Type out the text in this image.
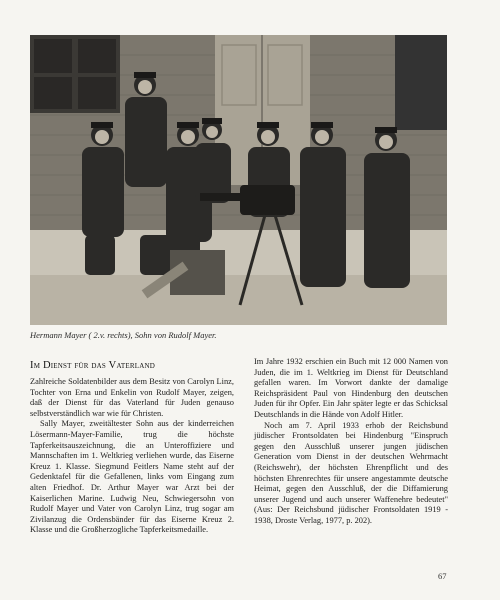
Hermann Mayer ( 2.v. rechts), Sohn von Rudolf Mayer.
Im Dienst für das Vaterland

Zahlreiche Soldatenbilder aus dem Besitz von Carolyn Linz, Tochter von Erna und Enkelin von Rudolf Mayer, zeigen, daß der Dienst für das Vaterland für Juden genauso selbstverständlich war wie für Christen.

Sally Mayer, zweitältester Sohn aus der kinderreichen Lösermann-Mayer-Familie, trug die höchste Tapferkeitsauszeichnung, die an Unteroffiziere und Mannschaften im 1. Weltkrieg verliehen wurde, das Eiserne Kreuz 1. Klasse. Siegmund Feitlers Name steht auf der Gedenktafel für die Gefallenen, links vom Eingang zum alten Friedhof. Dr. Arthur Mayer war Arzt bei der Kaiserlichen Marine. Ludwig Neu, Schwiegersohn von Rudolf Mayer und Vater von Carolyn Linz, trug sogar am Zivilanzug die Ordensbänder für das Eiserne Kreuz 2. Klasse und die Großherzogliche Tapferkeitsmedaille.

Im Jahre 1932 erschien ein Buch mit 12 000 Namen von Juden, die im 1. Weltkrieg im Dienst für Deutschland gefallen waren. Im Vorwort dankte der damalige Reichspräsident Paul von Hindenburg den deutschen Juden für ihr Opfer. Ein Jahr später legte er das Schicksal Deutschlands in die Hände von Adolf Hitler.

Noch am 7. April 1933 erhob der Reichsbund jüdischer Frontsoldaten bei Hindenburg "Einspruch gegen den Ausschluß unserer jungen jüdischen Generation vom Dienst in der deutschen Wehrmacht (Reichswehr), der höchsten Ehrenpflicht und des höchsten Ehrenrechtes für unsere angestammte deutsche Heimat, gegen den Ausschluß, der die Diffamierung unserer Jugend und auch unserer Waffenehre bedeutet" (Aus: Der Reichsbund jüdischer Frontsoldaten 1919 - 1938, Droste Verlag, 1977, p. 202).

67
